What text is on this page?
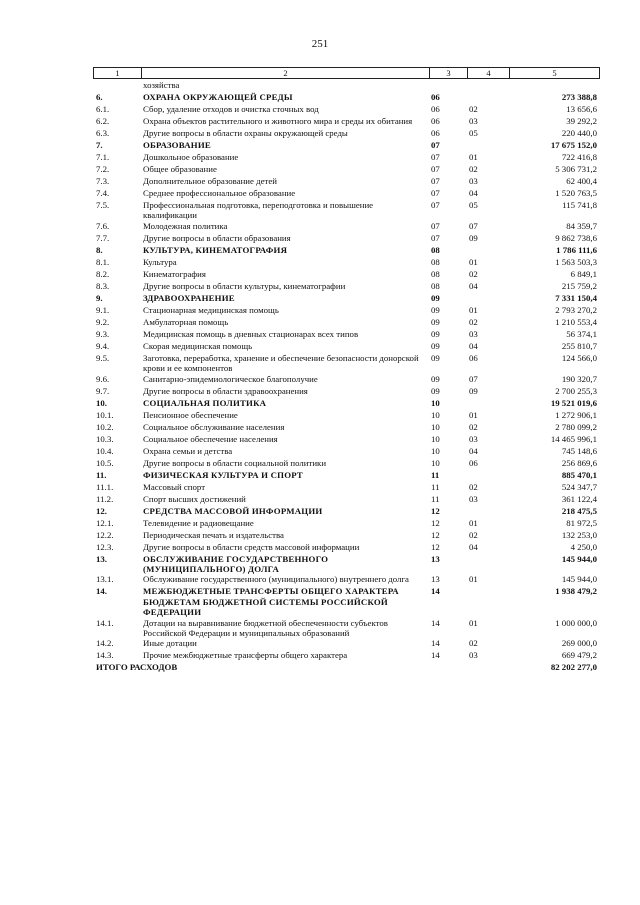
251
1	2	3	4	5
	хозяйства			
6.	ОХРАНА ОКРУЖАЮЩЕЙ СРЕДЫ	06		273 388,8
6.1.	Сбор, удаление отходов и очистка сточных вод	06	02	13 656,6
6.2.	Охрана объектов растительного и животного мира и среды их обитания	06	03	39 292,2
6.3.	Другие вопросы в области охраны окружающей среды	06	05	220 440,0
7.	ОБРАЗОВАНИЕ	07		17 675 152,0
7.1.	Дошкольное образование	07	01	722 416,8
7.2.	Общее образование	07	02	5 306 731,2
7.3.	Дополнительное образование детей	07	03	62 400,4
7.4.	Среднее профессиональное образование	07	04	1 520 763,5
7.5.	Профессиональная подготовка, переподготовка и повышение квалификации	07	05	115 741,8
7.6.	Молодежная политика	07	07	84 359,7
7.7.	Другие вопросы в области образования	07	09	9 862 738,6
8.	КУЛЬТУРА, КИНЕМАТОГРАФИЯ	08		1 786 111,6
8.1.	Культура	08	01	1 563 503,3
8.2.	Кинематография	08	02	6 849,1
8.3.	Другие вопросы в области культуры, кинематографии	08	04	215 759,2
9.	ЗДРАВООХРАНЕНИЕ	09		7 331 150,4
9.1.	Стационарная медицинская помощь	09	01	2 793 270,2
9.2.	Амбулаторная помощь	09	02	1 210 553,4
9.3.	Медицинская помощь в дневных стационарах всех типов	09	03	56 374,1
9.4.	Скорая медицинская помощь	09	04	255 810,7
9.5.	Заготовка, переработка, хранение и обеспечение безопасности донорской крови и ее компонентов	09	06	124 566,0
9.6.	Санитарно-эпидемиологическое благополучие	09	07	190 320,7
9.7.	Другие вопросы в области здравоохранения	09	09	2 700 255,3
10.	СОЦИАЛЬНАЯ ПОЛИТИКА	10		19 521 019,6
10.1.	Пенсионное обеспечение	10	01	1 272 906,1
10.2.	Социальное обслуживание населения	10	02	2 780 099,2
10.3.	Социальное обеспечение населения	10	03	14 465 996,1
10.4.	Охрана семьи и детства	10	04	745 148,6
10.5.	Другие вопросы в области социальной политики	10	06	256 869,6
11.	ФИЗИЧЕСКАЯ КУЛЬТУРА И СПОРТ	11		885 470,1
11.1.	Массовый спорт	11	02	524 347,7
11.2.	Спорт высших достижений	11	03	361 122,4
12.	СРЕДСТВА МАССОВОЙ ИНФОРМАЦИИ	12		218 475,5
12.1.	Телевидение и радиовещание	12	01	81 972,5
12.2.	Периодическая печать и издательства	12	02	132 253,0
12.3.	Другие вопросы в области средств массовой информации	12	04	4 250,0
13.	ОБСЛУЖИВАНИЕ ГОСУДАРСТВЕННОГО (МУНИЦИПАЛЬНОГО) ДОЛГА	13		145 944,0
13.1.	Обслуживание государственного (муниципального) внутреннего долга	13	01	145 944,0
14.	МЕЖБЮДЖЕТНЫЕ ТРАНСФЕРТЫ ОБЩЕГО ХАРАКТЕРА БЮДЖЕТАМ БЮДЖЕТНОЙ СИСТЕМЫ РОССИЙСКОЙ ФЕДЕРАЦИИ	14		1 938 479,2
14.1.	Дотации на выравнивание бюджетной обеспеченности субъектов Российской Федерации и муниципальных образований	14	01	1 000 000,0
14.2.	Иные дотации	14	02	269 000,0
14.3.	Прочие межбюджетные трансферты общего характера	14	03	669 479,2
ИТОГО РАСХОДОВ				82 202 277,0
